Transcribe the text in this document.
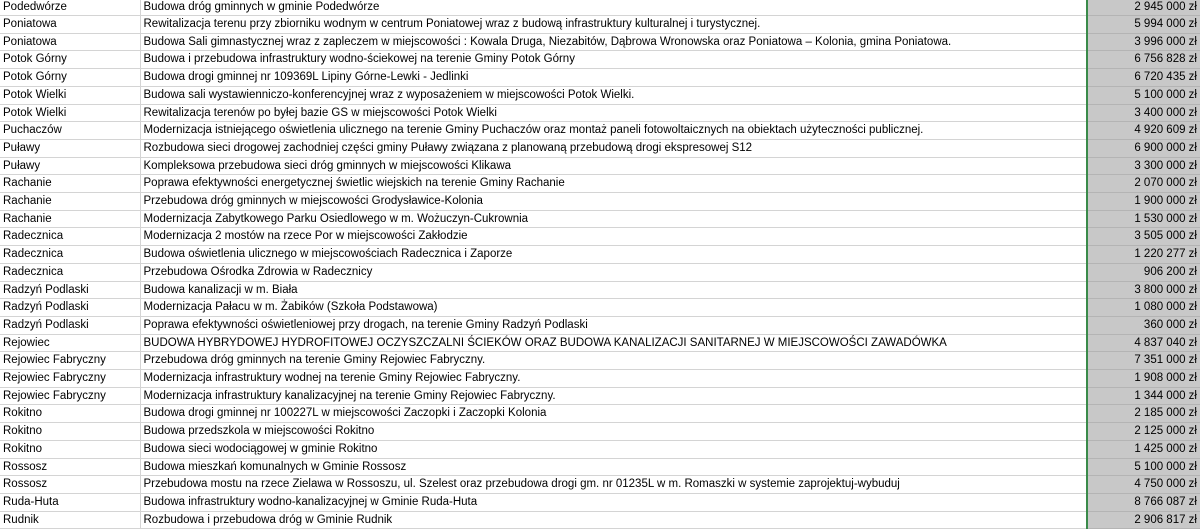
Podedwórze	Budowa dróg gminnych w gminie Podedwórze	2 945 000 zł
Poniatowa	Rewitalizacja terenu przy zbiorniku wodnym w centrum Poniatowej wraz z budową infrastruktury kulturalnej i turystycznej.	5 994 000 zł
Poniatowa	Budowa Sali gimnastycznej wraz z zapleczem w miejscowości : Kowala Druga, Niezabitów, Dąbrowa Wronowska oraz Poniatowa – Kolonia, gmina Poniatowa.	3 996 000 zł
Potok Górny	Budowa i przebudowa infrastruktury wodno-ściekowej na terenie Gminy Potok Górny	6 756 828 zł
Potok Górny	Budowa drogi gminnej nr 109369L Lipiny Górne-Lewki - Jedlinki	6 720 435 zł
Potok Wielki	Budowa sali wystawienniczo-konferencyjnej wraz z wyposażeniem w miejscowości Potok Wielki.	5 100 000 zł
Potok Wielki	Rewitalizacja terenów po byłej bazie GS w miejscowości Potok Wielki	3 400 000 zł
Puchaczów	Modernizacja istniejącego oświetlenia ulicznego na terenie Gminy Puchaczów oraz montaż paneli fotowoltaicznych na obiektach użyteczności publicznej.	4 920 609 zł
Puławy	Rozbudowa sieci drogowej zachodniej części gminy Puławy związana z planowaną przebudową drogi ekspresowej S12	6 900 000 zł
Puławy	Kompleksowa przebudowa sieci dróg gminnych w miejscowości Klikawa	3 300 000 zł
Rachanie	Poprawa efektywności energetycznej świetlic wiejskich na terenie Gminy Rachanie	2 070 000 zł
Rachanie	Przebudowa dróg gminnych w miejscowości Grodysławice-Kolonia	1 900 000 zł
Rachanie	Modernizacja Zabytkowego Parku Osiedlowego w m. Wożuczyn-Cukrownia	1 530 000 zł
Radecznica	Modernizacja 2 mostów na rzece Por w miejscowości Zakłodzie	3 505 000 zł
Radecznica	Budowa oświetlenia ulicznego w miejscowościach Radecznica i Zaporze	1 220 277 zł
Radecznica	Przebudowa Ośrodka Zdrowia w Radecznicy	906 200 zł
Radzyń Podlaski	Budowa kanalizacji w m. Biała	3 800 000 zł
Radzyń Podlaski	Modernizacja Pałacu w m. Żabików (Szkoła Podstawowa)	1 080 000 zł
Radzyń Podlaski	Poprawa efektywności oświetleniowej przy drogach, na terenie Gminy Radzyń Podlaski	360 000 zł
Rejowiec	BUDOWA HYBRYDOWEJ HYDROFITOWEJ OCZYSZCZALNI ŚCIEKÓW ORAZ BUDOWA KANALIZACJI SANITARNEJ W MIEJSCOWOŚCI ZAWADÓWKA	4 837 040 zł
Rejowiec Fabryczny	Przebudowa dróg gminnych na terenie Gminy Rejowiec Fabryczny.	7 351 000 zł
Rejowiec Fabryczny	Modernizacja infrastruktury wodnej na terenie Gminy Rejowiec Fabryczny.	1 908 000 zł
Rejowiec Fabryczny	Modernizacja infrastruktury kanalizacyjnej na terenie Gminy Rejowiec Fabryczny.	1 344 000 zł
Rokitno	Budowa drogi gminnej nr 100227L w miejscowości Zaczopki i Zaczopki Kolonia	2 185 000 zł
Rokitno	Budowa przedszkola w miejscowości Rokitno	2 125 000 zł
Rokitno	Budowa sieci wodociągowej w gminie Rokitno	1 425 000 zł
Rossosz	Budowa mieszkań komunalnych w Gminie Rossosz	5 100 000 zł
Rossosz	Przebudowa mostu na rzece Zielawa w Rossoszu, ul. Szelest oraz przebudowa drogi gm. nr 01235L w m. Romaszki w systemie zaprojektuj-wybuduj	4 750 000 zł
Ruda-Huta	Budowa infrastruktury wodno-kanalizacyjnej w Gminie Ruda-Huta	8 766 087 zł
Rudnik	Rozbudowa i przebudowa dróg w Gminie Rudnik	2 906 817 zł
